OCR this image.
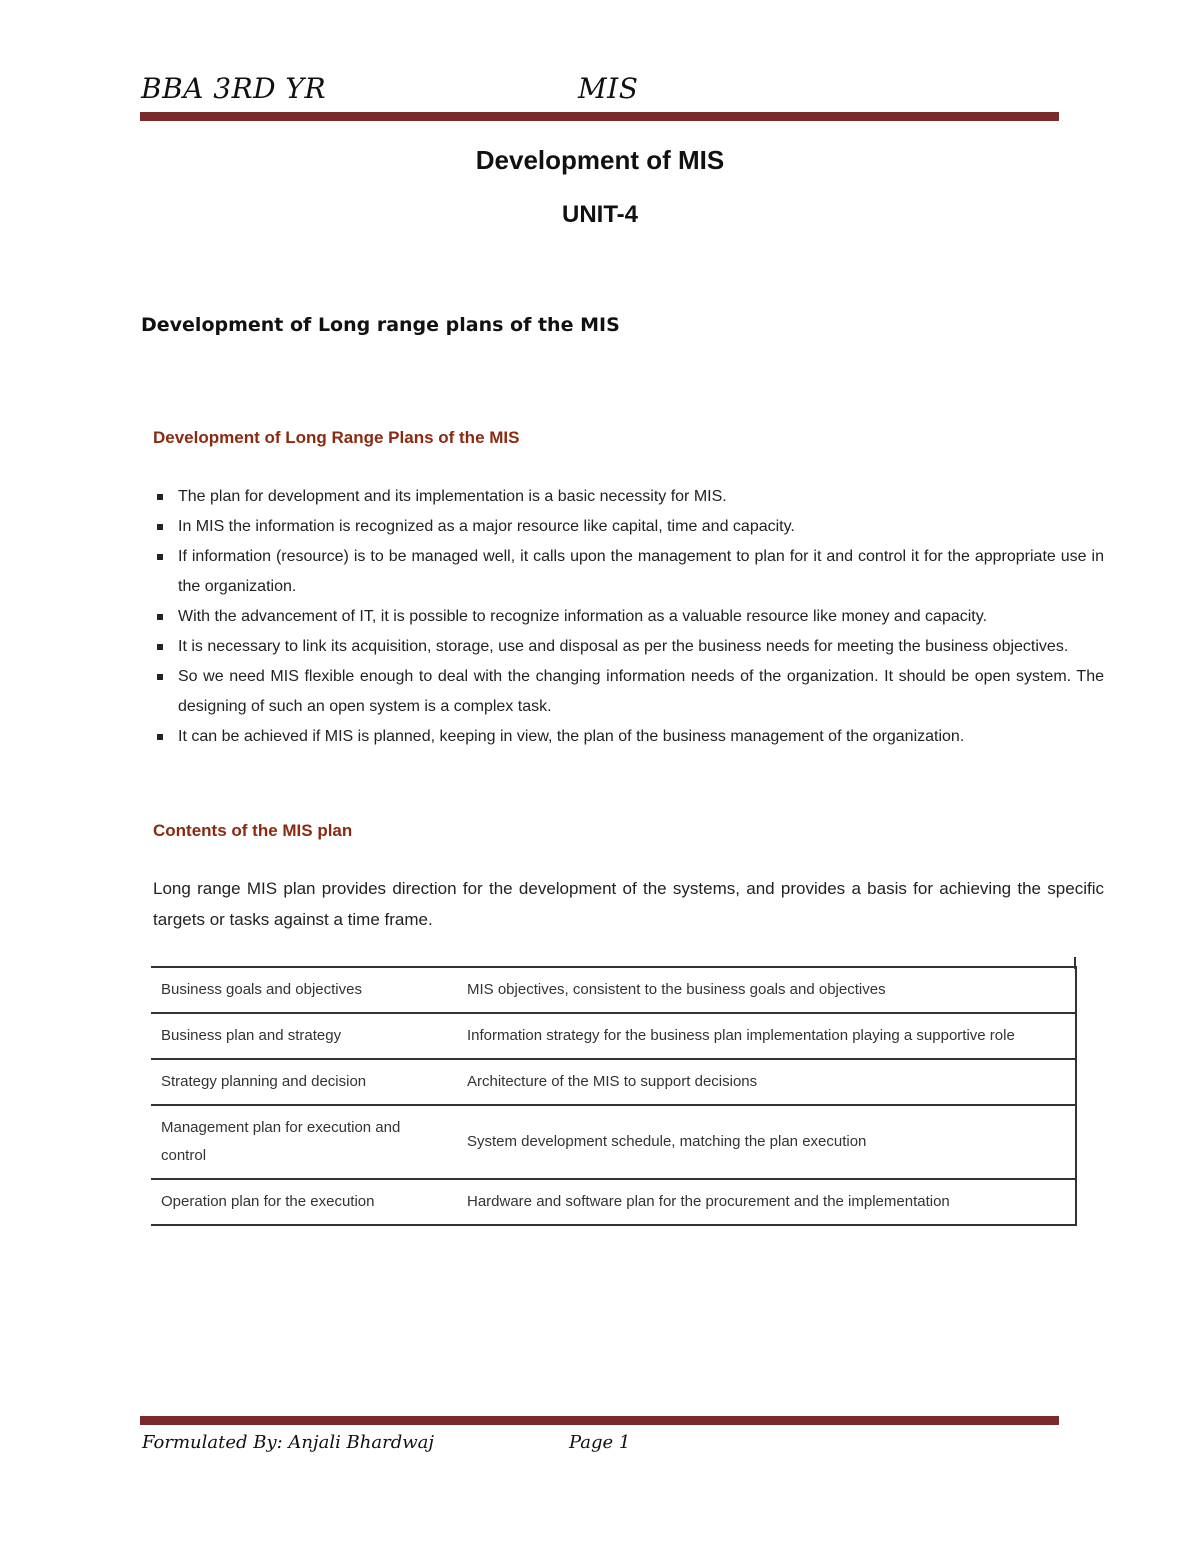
BBA 3RD YR	MIS
Development of MIS
UNIT-4
Development of Long range plans of the MIS
Development of Long Range Plans of the MIS
The plan for development and its implementation is a basic necessity for MIS.
In MIS the information is recognized as a major resource like capital, time and capacity.
If information (resource) is to be managed well, it calls upon the management to plan for it and control it for the appropriate use in the organization.
With the advancement of IT, it is possible to recognize information as a valuable resource like money and capacity.
It is necessary to link its acquisition, storage, use and disposal as per the business needs for meeting the business objectives.
So we need MIS flexible enough to deal with the changing information needs of the organization. It should be open system. The designing of such an open system is a complex task.
It can be achieved if MIS is planned, keeping in view, the plan of the business management of the organization.
Contents of the MIS plan
Long range MIS plan provides direction for the development of the systems, and provides a basis for achieving the specific targets or tasks against a time frame.
Business goals and objectives	MIS objectives, consistent to the business goals and objectives
Business plan and strategy	Information strategy for the business plan implementation playing a supportive role
Strategy planning and decision	Architecture of the MIS to support decisions
Management plan for execution and control	System development schedule, matching the plan execution
Operation plan for the execution	Hardware and software plan for the procurement and the implementation
Formulated By: Anjali Bhardwaj	Page 1
